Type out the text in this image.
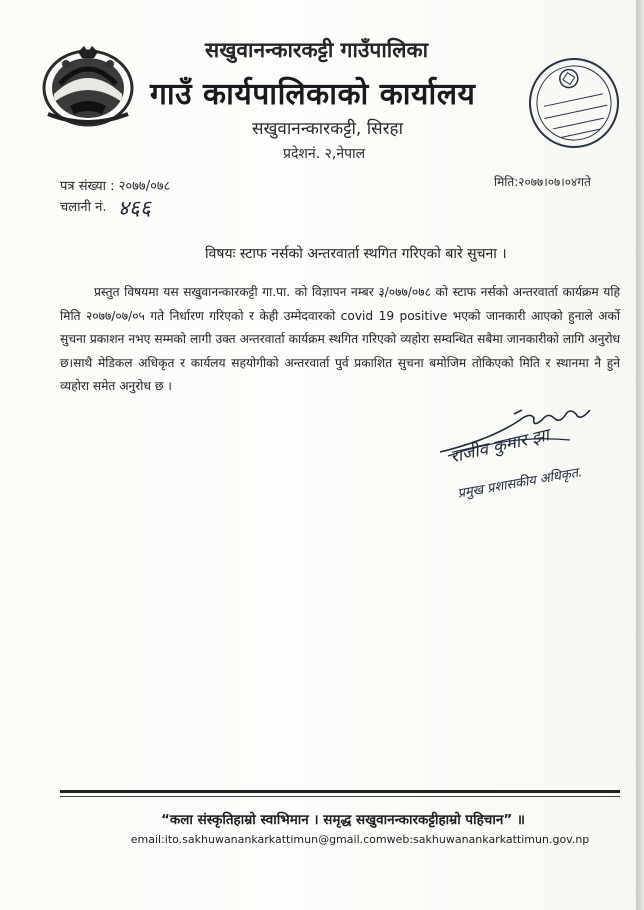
सखुवानन्कारकट्टी गाउँपालिका
गाउँ कार्यपालिकाको कार्यालय
सखुवानन्कारकट्टी, सिरहा
प्रदेशनं. २,नेपाल
पत्र संख्या : २०७७/०७८
चलानी नं. ४६६
मिति:२०७७।०७।०४गते
विषयः स्टाफ नर्सको अन्तरवार्ता स्थगित गरिएको बारे सुचना ।
प्रस्तुत विषयमा यस सखुवानन्कारकट्टी गा.पा. को विज्ञापन नम्बर ३/०७७/०७८ को स्टाफ नर्सको अन्तरवार्ता कार्यक्रम यहि मिति २०७७/०७/०५ गते निर्धारण गरिएको र केही उम्मेदवारको covid 19 positive भएको जानकारी आएको हुनाले अर्को सुचना प्रकाशन नभए सम्मको लागी उक्त अन्तरवार्ता कार्यक्रम स्थगित गरिएको व्यहोरा सम्वन्धित सबैमा जानकारीको लागि अनुरोध छ।साथै मेडिकल अधिकृत र कार्यलय सहयोगीको अन्तरवार्ता पुर्व प्रकाशित सुचना बमोजिम तोकिएको मिति र स्थानमा नै हुने व्यहोरा समेत अनुरोध छ ।
राजीव कुमार झा
प्रमुख प्रशासकीय अधिकृत.
“कला संस्कृतिहाम्रो स्वाभिमान । समृद्ध सखुवानन्कारकट्टीहाम्रो पहिचान” ॥
email:ito.sakhuwanankarkattimun@gmail.comweb:sakhuwanankarkattimun.gov.np
